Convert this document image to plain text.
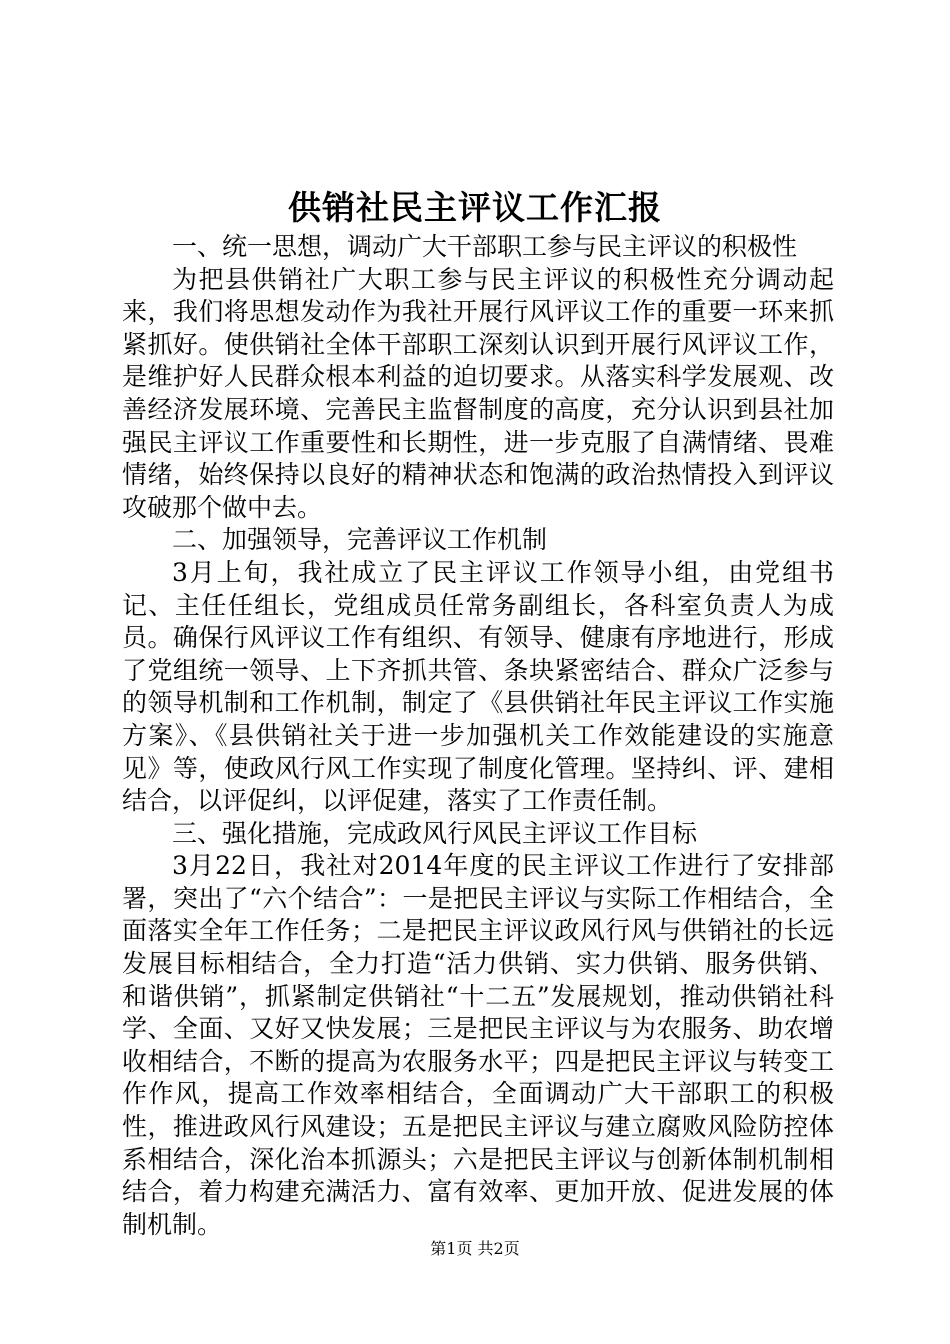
供销社民主评议工作汇报

一、统一思想，调动广大干部职工参与民主评议的积极性

为把县供销社广大职工参与民主评议的积极性充分调动起来，我们将思想发动作为我社开展行风评议工作的重要一环来抓紧抓好。使供销社全体干部职工深刻认识到开展行风评议工作，是维护好人民群众根本利益的迫切要求。从落实科学发展观、改善经济发展环境、完善民主监督制度的高度，充分认识到县社加强民主评议工作重要性和长期性，进一步克服了自满情绪、畏难情绪，始终保持以良好的精神状态和饱满的政治热情投入到评议攻破那个做中去。

二、加强领导，完善评议工作机制

3月上旬，我社成立了民主评议工作领导小组，由党组书记、主任任组长，党组成员任常务副组长，各科室负责人为成员。确保行风评议工作有组织、有领导、健康有序地进行，形成了党组统一领导、上下齐抓共管、条块紧密结合、群众广泛参与的领导机制和工作机制，制定了《县供销社年民主评议工作实施方案》、《县供销社关于进一步加强机关工作效能建设的实施意见》等，使政风行风工作实现了制度化管理。坚持纠、评、建相结合，以评促纠，以评促建，落实了工作责任制。

三、强化措施，完成政风行风民主评议工作目标

3月22日，我社对2014年度的民主评议工作进行了安排部署，突出了“六个结合”：一是把民主评议与实际工作相结合，全面落实全年工作任务；二是把民主评议政风行风与供销社的长远发展目标相结合，全力打造“活力供销、实力供销、服务供销、和谐供销”，抓紧制定供销社“十二五”发展规划，推动供销社科学、全面、又好又快发展；三是把民主评议与为农服务、助农增收相结合，不断的提高为农服务水平；四是把民主评议与转变工作作风，提高工作效率相结合，全面调动广大干部职工的积极性，推进政风行风建设；五是把民主评议与建立腐败风险防控体系相结合，深化治本抓源头；六是把民主评议与创新体制机制相结合，着力构建充满活力、富有效率、更加开放、促进发展的体制机制。

第1页 共2页
